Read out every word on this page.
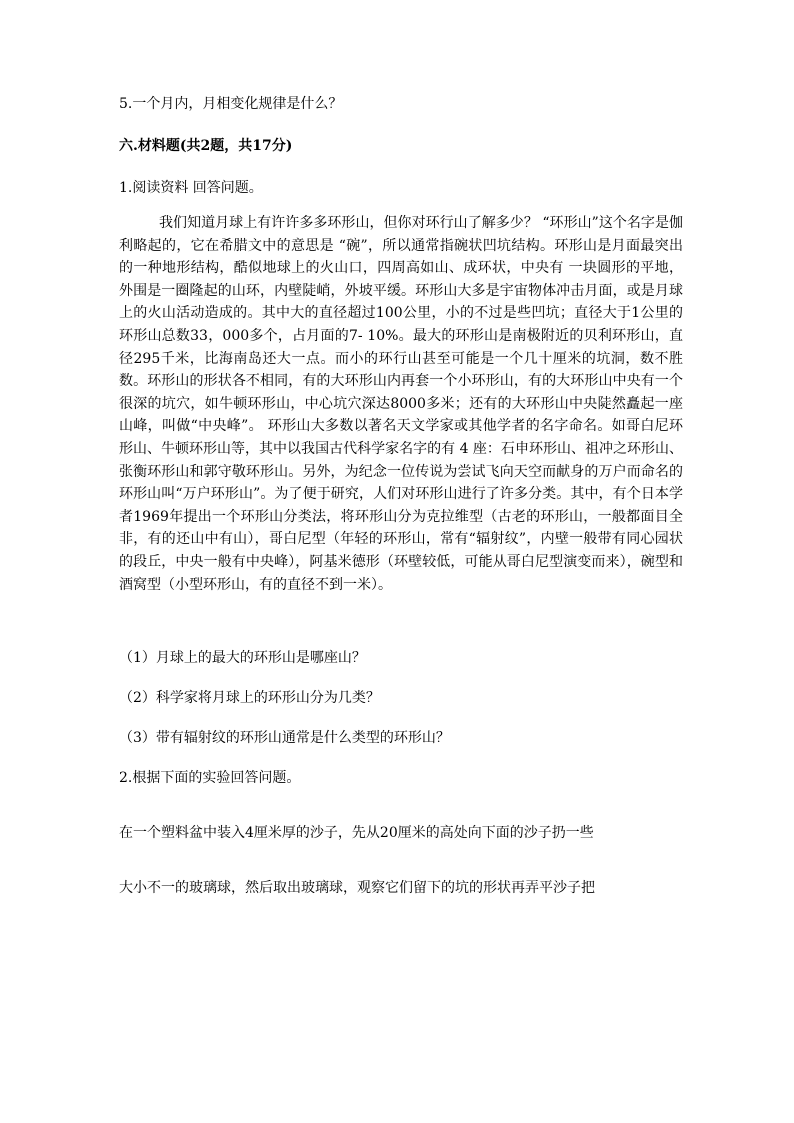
5.一个月内，月相变化规律是什么？
六.材料题(共2题，共17分)
1.阅读资料 回答问题。
我们知道月球上有许许多多环形山，但你对环行山了解多少？ “环形山”这个名字是伽利略起的，它在希腊文中的意思是 “碗”，所以通常指碗状凹坑结构。环形山是月面最突出的一种地形结构，酷似地球上的火山口，四周高如山、成环状，中央有 一块圆形的平地，外围是一圈隆起的山环，内壁陡峭，外坡平缓。环形山大多是宇宙物体冲击月面，或是月球上的火山活动造成的。其中大的直径超过100公里，小的不过是些凹坑；直径大于1公里的环形山总数33，000多个，占月面的7- 10%。最大的环形山是南极附近的贝利环形山，直径295千米，比海南岛还大一点。而小的环行山甚至可能是一个几十厘米的坑洞，数不胜数。环形山的形状各不相同，有的大环形山内再套一个小环形山，有的大环形山中央有一个很深的坑穴，如牛顿环形山，中心坑穴深达8000多米；还有的大环形山中央陡然矗起一座山峰，叫做“中央峰”。 环形山大多数以著名天文学家或其他学者的名字命名。如哥白尼环形山、牛顿环形山等，其中以我国古代科学家名字的有 4 座：石申环形山、祖冲之环形山、张衡环形山和郭守敬环形山。另外，为纪念一位传说为尝试飞向天空而献身的万户而命名的环形山叫“万户环形山”。为了便于研究，人们对环形山进行了许多分类。其中，有个日本学者1969年提出一个环形山分类法，将环形山分为克拉维型（古老的环形山，一般都面目全非，有的还山中有山），哥白尼型（年轻的环形山，常有“辐射纹”，内壁一般带有同心园状的段丘，中央一般有中央峰），阿基米德形（环壁较低，可能从哥白尼型演变而来），碗型和酒窝型（小型环形山，有的直径不到一米）。
（1）月球上的最大的环形山是哪座山？
（2）科学家将月球上的环形山分为几类？
（3）带有辐射纹的环形山通常是什么类型的环形山？
2.根据下面的实验回答问题。
在一个塑料盆中装入4厘米厚的沙子，先从20厘米的高处向下面的沙子扔一些
大小不一的玻璃球，然后取出玻璃球，观察它们留下的坑的形状再弄平沙子把
